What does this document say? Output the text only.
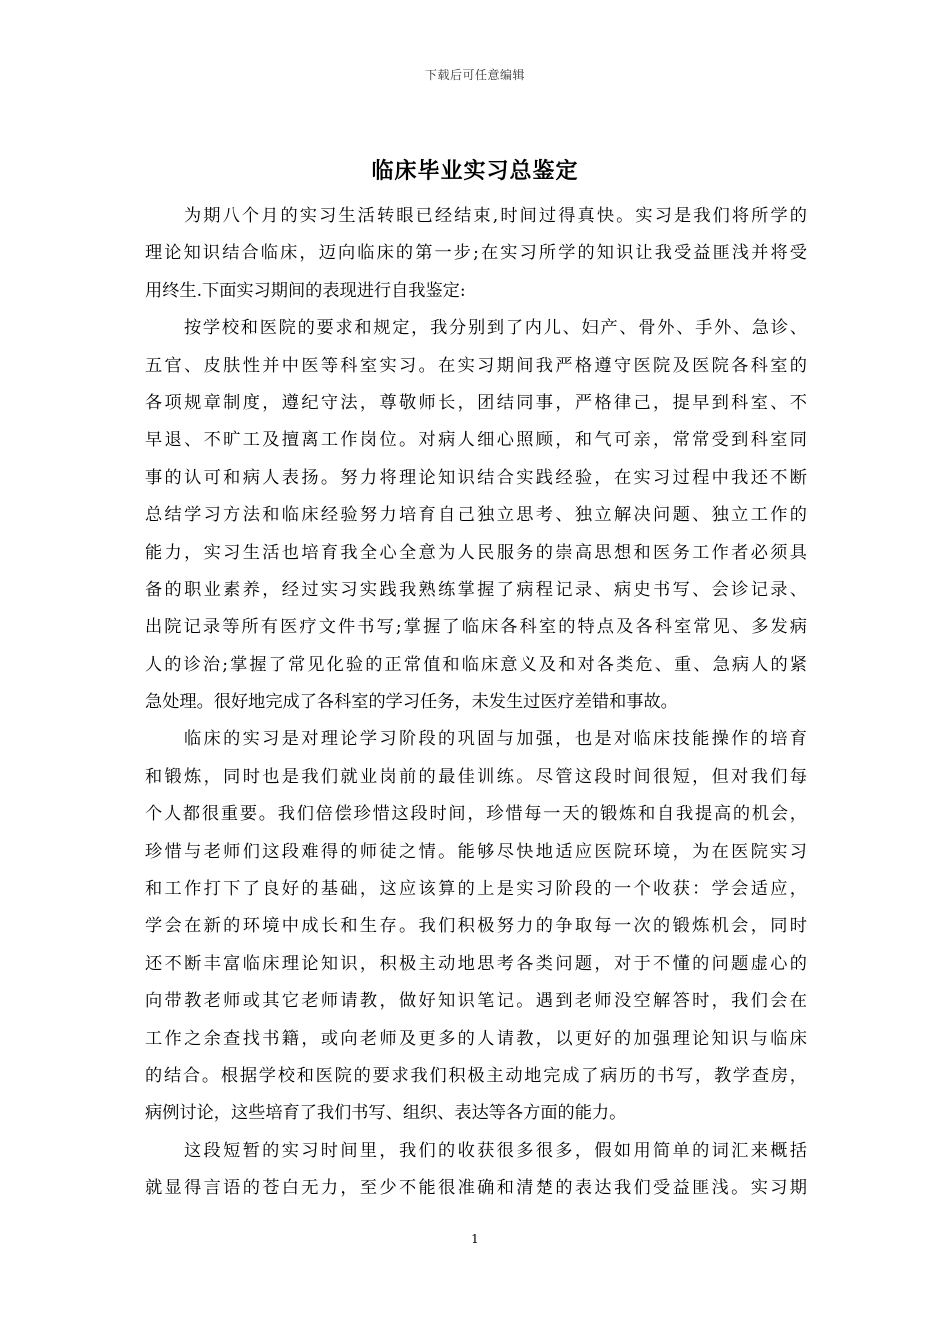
下载后可任意编辑
临床毕业实习总鉴定
为期八个月的实习生活转眼已经结束,时间过得真快。实习是我们将所学的
理论知识结合临床，迈向临床的第一步;在实习所学的知识让我受益匪浅并将受
用终生.下面实习期间的表现进行自我鉴定:
按学校和医院的要求和规定，我分别到了内儿、妇产、骨外、手外、急诊、
五官、皮肤性并中医等科室实习。在实习期间我严格遵守医院及医院各科室的
各项规章制度，遵纪守法，尊敬师长，团结同事，严格律己，提早到科室、不
早退、不旷工及擅离工作岗位。对病人细心照顾，和气可亲，常常受到科室同
事的认可和病人表扬。努力将理论知识结合实践经验，在实习过程中我还不断
总结学习方法和临床经验努力培育自己独立思考、独立解决问题、独立工作的
能力，实习生活也培育我全心全意为人民服务的崇高思想和医务工作者必须具
备的职业素养，经过实习实践我熟练掌握了病程记录、病史书写、会诊记录、
出院记录等所有医疗文件书写;掌握了临床各科室的特点及各科室常见、多发病
人的诊治;掌握了常见化验的正常值和临床意义及和对各类危、重、急病人的紧
急处理。很好地完成了各科室的学习任务，未发生过医疗差错和事故。
临床的实习是对理论学习阶段的巩固与加强，也是对临床技能操作的培育
和锻炼，同时也是我们就业岗前的最佳训练。尽管这段时间很短，但对我们每
个人都很重要。我们倍偿珍惜这段时间，珍惜每一天的锻炼和自我提高的机会，
珍惜与老师们这段难得的师徒之情。能够尽快地适应医院环境，为在医院实习
和工作打下了良好的基础，这应该算的上是实习阶段的一个收获：学会适应，
学会在新的环境中成长和生存。我们积极努力的争取每一次的锻炼机会，同时
还不断丰富临床理论知识，积极主动地思考各类问题，对于不懂的问题虚心的
向带教老师或其它老师请教，做好知识笔记。遇到老师没空解答时，我们会在
工作之余查找书籍，或向老师及更多的人请教，以更好的加强理论知识与临床
的结合。根据学校和医院的要求我们积极主动地完成了病历的书写，教学查房，
病例讨论，这些培育了我们书写、组织、表达等各方面的能力。
这段短暂的实习时间里，我们的收获很多很多，假如用简单的词汇来概括
就显得言语的苍白无力，至少不能很准确和清楚的表达我们受益匪浅。实习期
1
